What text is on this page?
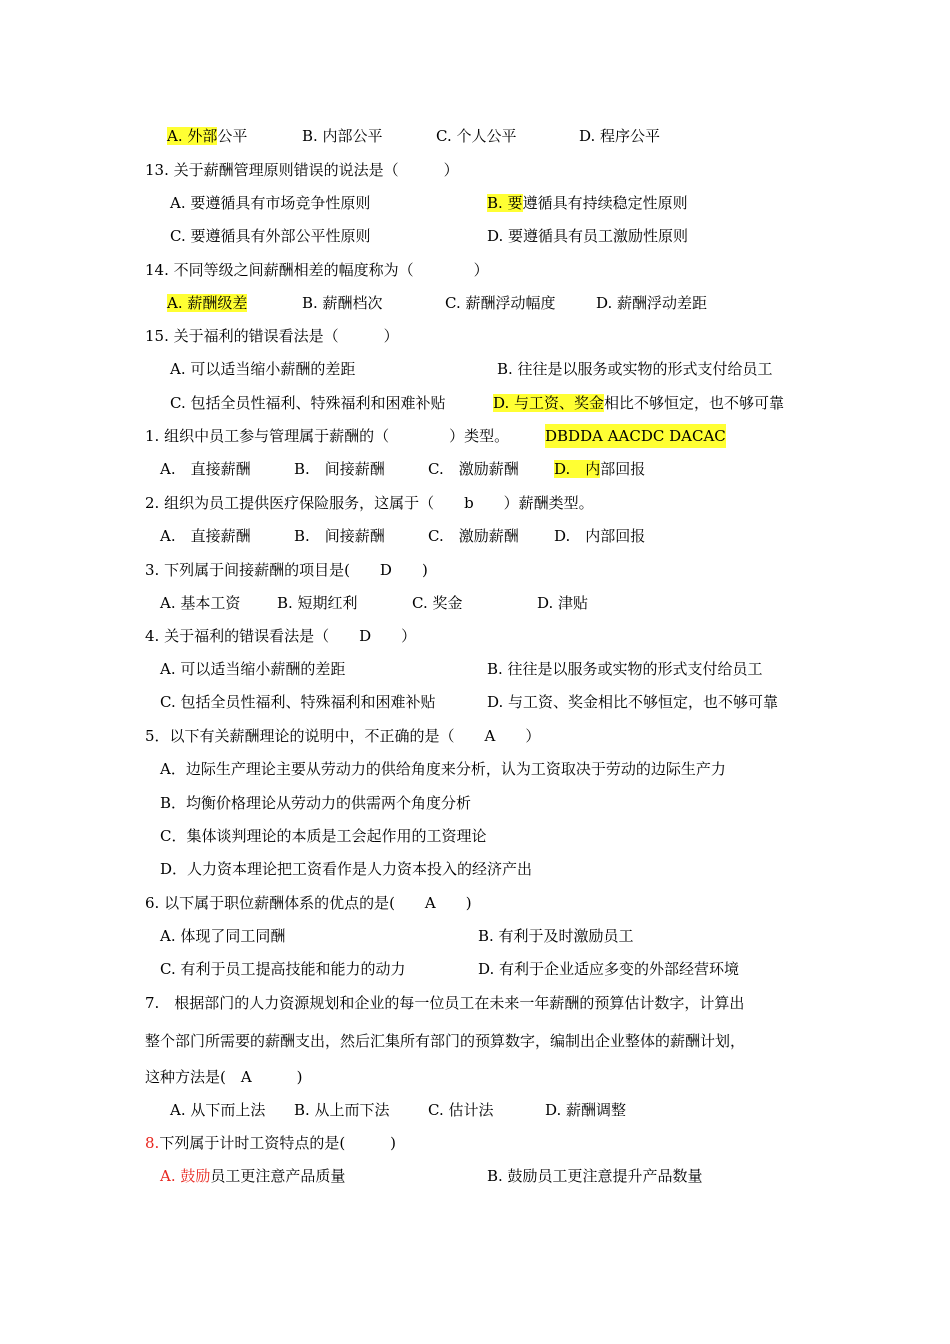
A. 外部公平	B. 内部公平	C. 个人公平	D. 程序公平
13. 关于薪酬管理原则错误的说法是（　　　）
A. 要遵循具有市场竞争性原则	B. 要遵循具有持续稳定性原则
C. 要遵循具有外部公平性原则	D. 要遵循具有员工激励性原则
14. 不同等级之间薪酬相差的幅度称为（　　　　）
A. 薪酬级差	B. 薪酬档次	C. 薪酬浮动幅度	D. 薪酬浮动差距
15. 关于福利的错误看法是（　　　）
A. 可以适当缩小薪酬的差距	B. 往往是以服务或实物的形式支付给员工
C. 包括全员性福利、特殊福利和困难补贴	D. 与工资、奖金相比不够恒定，也不够可靠
1. 组织中员工参与管理属于薪酬的（　　　　）类型。 DBDDA AACDC DACAC
A.　直接薪酬	B.　间接薪酬	C.　激励薪酬 D.　内部回报
2. 组织为员工提供医疗保险服务，这属于（　　b　　）薪酬类型。
A.　直接薪酬	B.　间接薪酬	C.　激励薪酬 D.　内部回报
3. 下列属于间接薪酬的项目是(　　D　　)
A. 基本工资 B. 短期红利	C. 奖金	D. 津贴
4. 关于福利的错误看法是（　　D　　）
A. 可以适当缩小薪酬的差距	B. 往往是以服务或实物的形式支付给员工
C. 包括全员性福利、特殊福利和困难补贴	D. 与工资、奖金相比不够恒定，也不够可靠
5．以下有关薪酬理论的说明中，不正确的是（　　A　　）
A．边际生产理论主要从劳动力的供给角度来分析，认为工资取决于劳动的边际生产力
B．均衡价格理论从劳动力的供需两个角度分析
C．集体谈判理论的本质是工会起作用的工资理论
D．人力资本理论把工资看作是人力资本投入的经济产出
6. 以下属于职位薪酬体系的优点的是(　　A　　)
A. 体现了同工同酬	B. 有利于及时激励员工
C. 有利于员工提高技能和能力的动力	D. 有利于企业适应多变的外部经营环境
7.　根据部门的人力资源规划和企业的每一位员工在未来一年薪酬的预算估计数字，计算出
整个部门所需要的薪酬支出，然后汇集所有部门的预算数字，编制出企业整体的薪酬计划，
这种方法是(　A　　　)
A. 从下而上法 B. 从上而下法	C. 估计法	D. 薪酬调整
8.下列属于计时工资特点的是(　　　)
A. 鼓励员工更注意产品质量	B. 鼓励员工更注意提升产品数量
